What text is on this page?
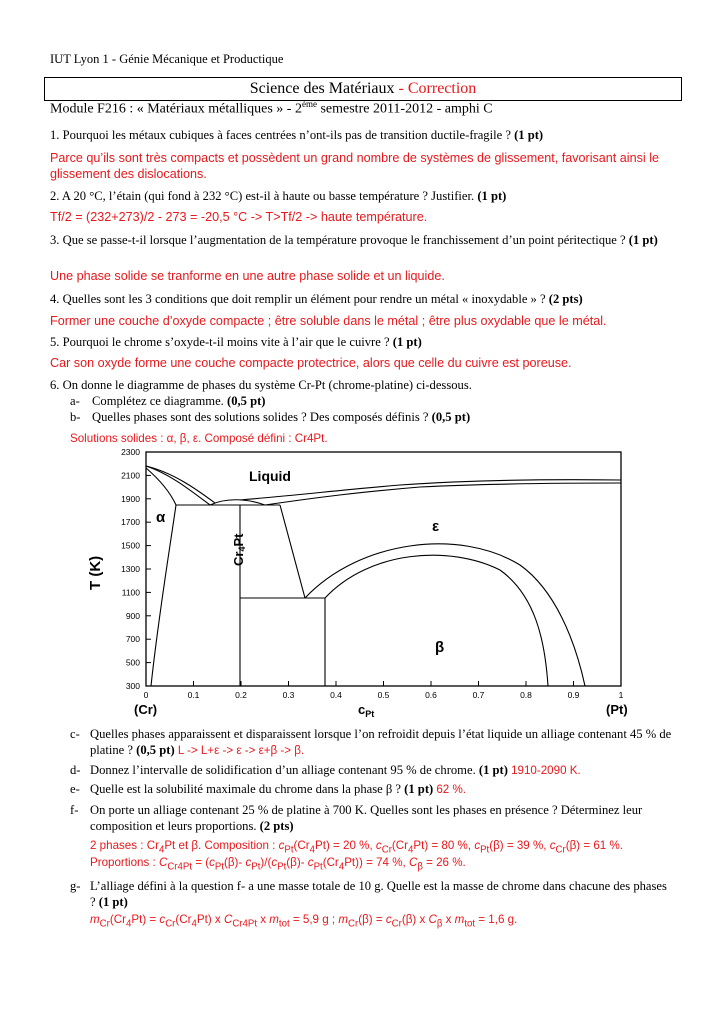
IUT Lyon 1 - Génie Mécanique et Productique
Science des Matériaux - Correction
Module F216 : « Matériaux métalliques » - 2ème semestre 2011-2012 - amphi C
1. Pourquoi les métaux cubiques à faces centrées n’ont-ils pas de transition ductile-fragile ? (1 pt)
Parce qu’ils sont très compacts et possèdent un grand nombre de systèmes de glissement, favorisant ainsi le glissement des dislocations.
2. A 20 °C, l’étain (qui fond à 232 °C) est-il à haute ou basse température ? Justifier. (1 pt)
Tf/2 = (232+273)/2 - 273 = -20,5 °C -> T>Tf/2 -> haute température.
3. Que se passe-t-il lorsque l’augmentation de la température provoque le franchissement d’un point péritectique ? (1 pt)
Une phase solide se tranforme en une autre phase solide et un liquide.
4. Quelles sont les 3 conditions que doit remplir un élément pour rendre un métal « inoxydable » ? (2 pts)
Former une couche d’oxyde compacte ; être soluble dans le métal ; être plus oxydable que le métal.
5. Pourquoi le chrome s’oxyde-t-il moins vite à l’air que le cuivre ? (1 pt)
Car son oxyde forme une couche compacte protectrice, alors que celle du cuivre est poreuse.
6. On donne le diagramme de phases du système Cr-Pt (chrome-platine) ci-dessous.
a- Complétez ce diagramme. (0,5 pt)
b- Quelles phases sont des solutions solides ? Des composés définis ? (0,5 pt)
Solutions solides : α, β, ε. Composé défini : Cr4Pt.
2300
2100
1900
1700
1500
1300
1100
900
700
500
300
0	0.1	0.2	0.3	0.4	0.5	0.6	0.7	0.8	0.9	1
T (K)
(Cr)	(Pt)
$c_{Pt}$
Liquid
α
ε
β
Cr4Pt
c- Quelles phases apparaissent et disparaissent lorsque l’on refroidit depuis l’état liquide un alliage contenant 45 % de platine ? (0,5 pt) L -> L+ε -> ε -> ε+β -> β.
d- Donnez l’intervalle de solidification d’un alliage contenant 95 % de chrome. (1 pt) 1910-2090 K.
e- Quelle est la solubilité maximale du chrome dans la phase β ? (1 pt) 62 %.
f- On porte un alliage contenant 25 % de platine à 700 K. Quelles sont les phases en présence ? Déterminez leur composition et leurs proportions. (2 pts)
2 phases : $Cr_4Pt$ et β. Composition : $c_{Pt}(Cr_4Pt) = 20$ %, $c_{Cr}(Cr_4Pt) = 80$ %, $c_{Pt}(\beta) = 39$ %, $c_{Cr}(\beta) = 61$ %.
Proportions : $C_{Cr4Pt} = (c_{Pt}(\beta)-$ $c_{Pt})/(c_{Pt}(\beta)-$ $c_{Pt}(Cr_4Pt)) = 74$ %, $C_\beta = 26$ %.
g- L’alliage défini à la question f- a une masse totale de 10 g. Quelle est la masse de chrome dans chacune des phases ? (1 pt)
$m_{Cr}(Cr_4Pt) = c_{Cr}(Cr_4Pt)$ x $C_{Cr4Pt}$ x $m_{tot} = 5,9$ g ; $m_{Cr}(\beta) = c_{Cr}(\beta)$ x $C_\beta$ x $m_{tot} = 1,6$ g.
